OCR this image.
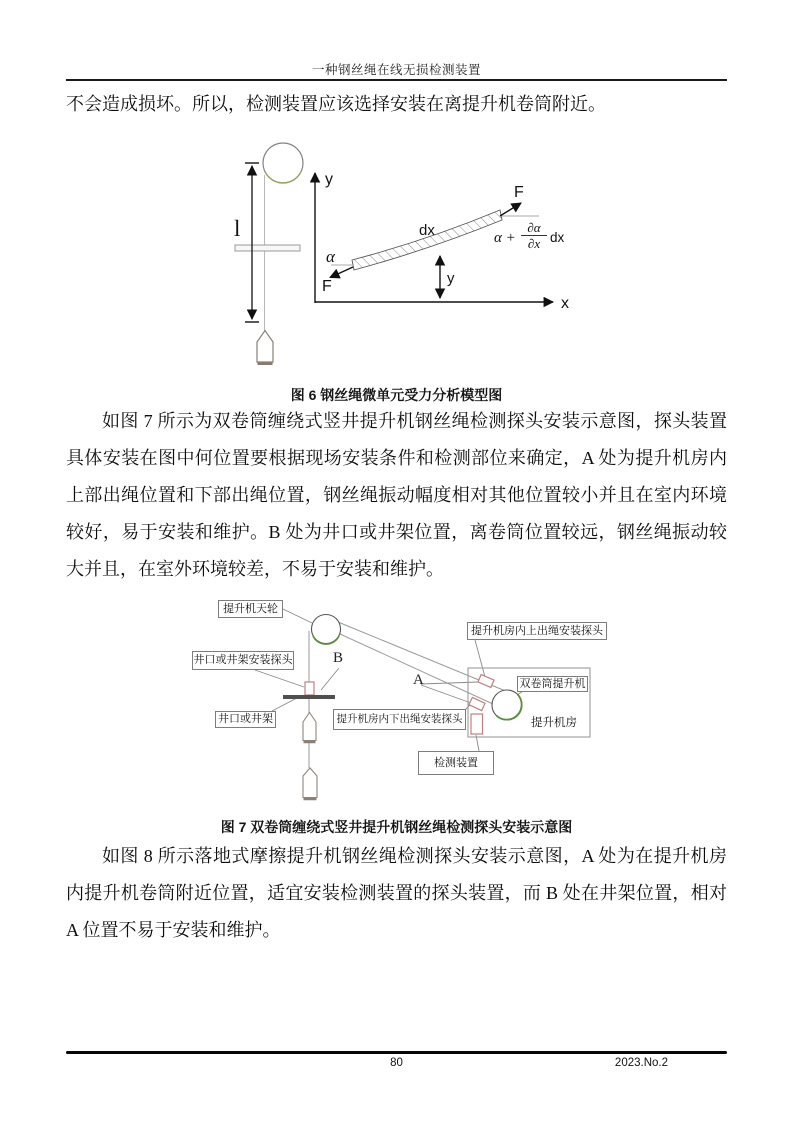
一种钢丝绳在线无损检测装置
不会造成损坏。所以，检测装置应该选择安装在离提升机卷筒附近。
l
y
x
dx
α
F
F
α +
∂α
∂x dx
y
图 6 钢丝绳微单元受力分析模型图
如图 7 所示为双卷筒缠绕式竖井提升机钢丝绳检测探头安装示意图，探头装置具体安装在图中何位置要根据现场安装条件和检测部位来确定，A 处为提升机房内上部出绳位置和下部出绳位置，钢丝绳振动幅度相对其他位置较小并且在室内环境较好，易于安装和维护。B 处为井口或井架位置，离卷筒位置较远，钢丝绳振动较大并且，在室外环境较差，不易于安装和维护。
提升机天轮
提升机房内上出绳安装探头
井口或井架安装探头
井口或井架	提升机房内下出绳安装探头
双卷筒提升机
检测装置
提升机房
A
B
图 7 双卷筒缠绕式竖井提升机钢丝绳检测探头安装示意图
如图 8 所示落地式摩擦提升机钢丝绳检测探头安装示意图，A 处为在提升机房内提升机卷筒附近位置，适宜安装检测装置的探头装置，而 B 处在井架位置，相对 A 位置不易于安装和维护。
80	2023.No.2
